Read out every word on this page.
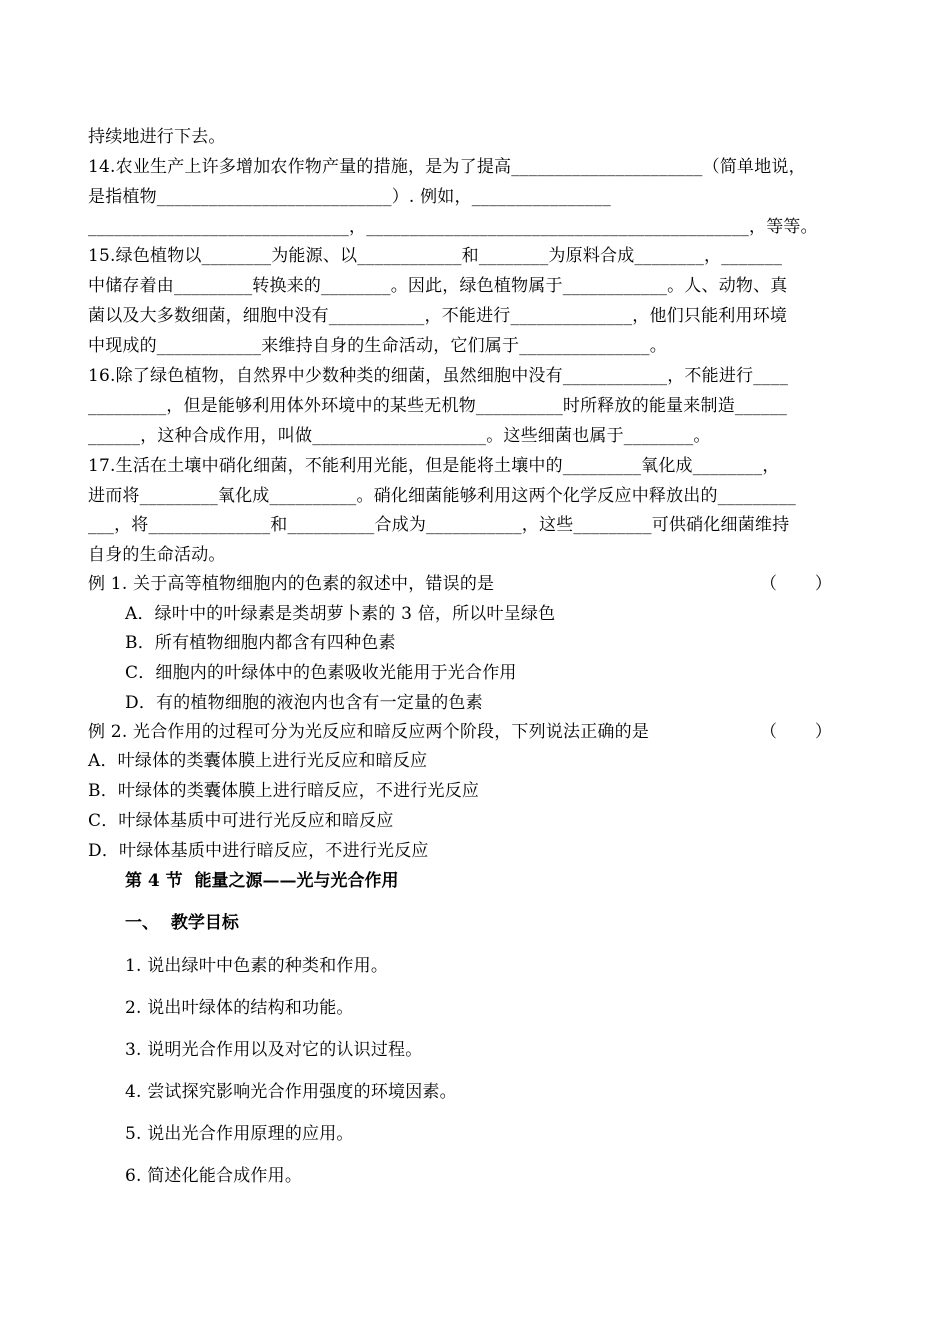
持续地进行下去。
14.农业生产上许多增加农作物产量的措施，是为了提高______________________（简单地说，
是指植物___________________________）. 例如，________________
______________________________，____________________________________________，等等。
15.绿色植物以________为能源、以____________和________为原料合成________，_______
中储存着由_________转换来的________。因此，绿色植物属于____________。人、动物、真
菌以及大多数细菌，细胞中没有___________，不能进行______________，他们只能利用环境
中现成的____________来维持自身的生命活动，它们属于_______________。
16.除了绿色植物，自然界中少数种类的细菌，虽然细胞中没有____________，不能进行____
_________，但是能够利用体外环境中的某些无机物__________时所释放的能量来制造______
______，这种合成作用，叫做____________________。这些细菌也属于________。
17.生活在土壤中硝化细菌，不能利用光能，但是能将土壤中的_________氧化成________，
进而将_________氧化成__________。硝化细菌能够利用这两个化学反应中释放出的_________
___，将______________和__________合成为___________，这些_________可供硝化细菌维持
自身的生命活动。
例 1. 关于高等植物细胞内的色素的叙述中，错误的是	（       ）
A．绿叶中的叶绿素是类胡萝卜素的 3 倍，所以叶呈绿色
B．所有植物细胞内都含有四种色素
C．细胞内的叶绿体中的色素吸收光能用于光合作用
D．有的植物细胞的液泡内也含有一定量的色素
例 2. 光合作用的过程可分为光反应和暗反应两个阶段，下列说法正确的是	（       ）
A．叶绿体的类囊体膜上进行光反应和暗反应
B．叶绿体的类囊体膜上进行暗反应，不进行光反应
C．叶绿体基质中可进行光反应和暗反应
D．叶绿体基质中进行暗反应，不进行光反应
第 4 节  能量之源——光与光合作用
一、  教学目标
1. 说出绿叶中色素的种类和作用。
2. 说出叶绿体的结构和功能。
3. 说明光合作用以及对它的认识过程。
4. 尝试探究影响光合作用强度的环境因素。
5. 说出光合作用原理的应用。
6. 简述化能合成作用。
